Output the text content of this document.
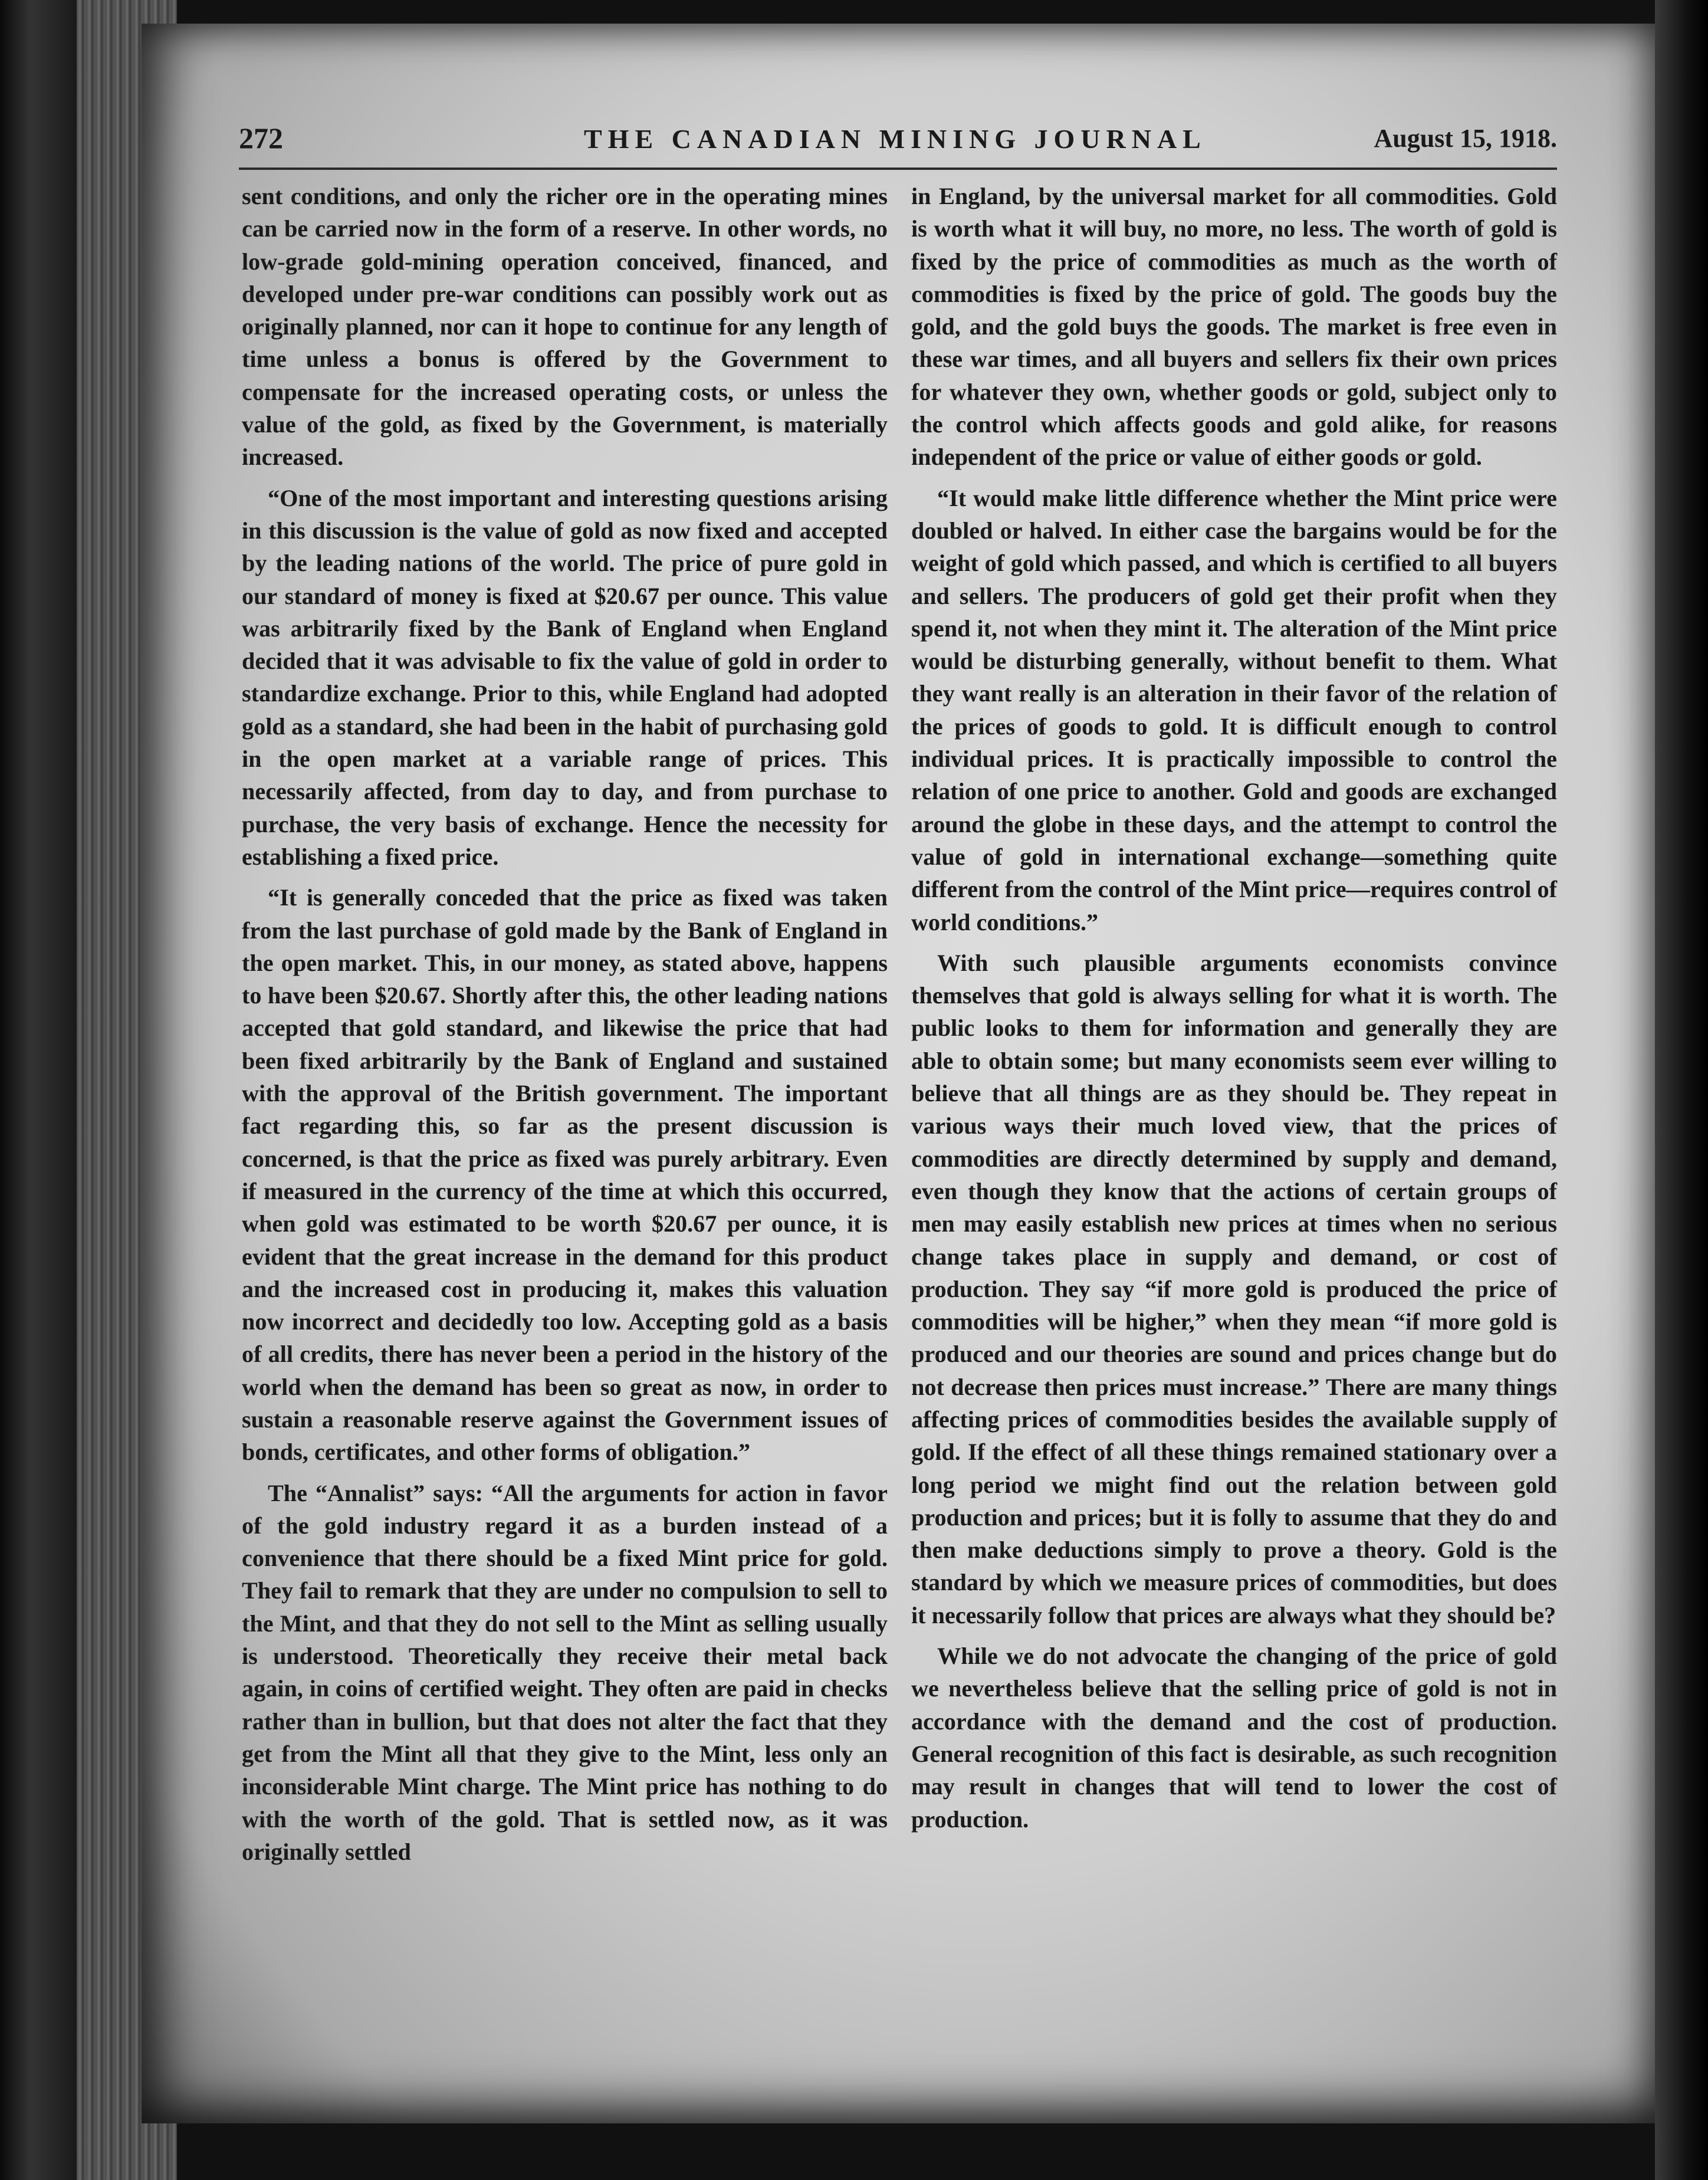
272	THE CANADIAN MINING JOURNAL	August 15, 1918.

sent conditions, and only the richer ore in the operating mines can be carried now in the form of a reserve. In other words, no low-grade gold-mining operation conceived, financed, and developed under pre-war conditions can possibly work out as originally planned, nor can it hope to continue for any length of time unless a bonus is offered by the Government to compensate for the increased operating costs, or unless the value of the gold, as fixed by the Government, is materially increased.

“One of the most important and interesting questions arising in this discussion is the value of gold as now fixed and accepted by the leading nations of the world. The price of pure gold in our standard of money is fixed at $20.67 per ounce. This value was arbitrarily fixed by the Bank of England when England decided that it was advisable to fix the value of gold in order to standardize exchange. Prior to this, while England had adopted gold as a standard, she had been in the habit of purchasing gold in the open market at a variable range of prices. This necessarily affected, from day to day, and from purchase to purchase, the very basis of exchange. Hence the necessity for establishing a fixed price.

“It is generally conceded that the price as fixed was taken from the last purchase of gold made by the Bank of England in the open market. This, in our money, as stated above, happens to have been $20.67. Shortly after this, the other leading nations accepted that gold standard, and likewise the price that had been fixed arbitrarily by the Bank of England and sustained with the approval of the British government. The important fact regarding this, so far as the present discussion is concerned, is that the price as fixed was purely arbitrary. Even if measured in the currency of the time at which this occurred, when gold was estimated to be worth $20.67 per ounce, it is evident that the great increase in the demand for this product and the increased cost in producing it, makes this valuation now incorrect and decidedly too low. Accepting gold as a basis of all credits, there has never been a period in the history of the world when the demand has been so great as now, in order to sustain a reasonable reserve against the Government issues of bonds, certificates, and other forms of obligation.”

The “Annalist” says: “All the arguments for action in favor of the gold industry regard it as a burden instead of a convenience that there should be a fixed Mint price for gold. They fail to remark that they are under no compulsion to sell to the Mint, and that they do not sell to the Mint as selling usually is understood. Theoretically they receive their metal back again, in coins of certified weight. They often are paid in checks rather than in bullion, but that does not alter the fact that they get from the Mint all that they give to the Mint, less only an inconsiderable Mint charge. The Mint price has nothing to do with the worth of the gold. That is settled now, as it was originally settled

in England, by the universal market for all commodities. Gold is worth what it will buy, no more, no less. The worth of gold is fixed by the price of commodities as much as the worth of commodities is fixed by the price of gold. The goods buy the gold, and the gold buys the goods. The market is free even in these war times, and all buyers and sellers fix their own prices for whatever they own, whether goods or gold, subject only to the control which affects goods and gold alike, for reasons independent of the price or value of either goods or gold.

“It would make little difference whether the Mint price were doubled or halved. In either case the bargains would be for the weight of gold which passed, and which is certified to all buyers and sellers. The producers of gold get their profit when they spend it, not when they mint it. The alteration of the Mint price would be disturbing generally, without benefit to them. What they want really is an alteration in their favor of the relation of the prices of goods to gold. It is difficult enough to control individual prices. It is practically impossible to control the relation of one price to another. Gold and goods are exchanged around the globe in these days, and the attempt to control the value of gold in international exchange—something quite different from the control of the Mint price—requires control of world conditions.”

With such plausible arguments economists convince themselves that gold is always selling for what it is worth. The public looks to them for information and generally they are able to obtain some; but many economists seem ever willing to believe that all things are as they should be. They repeat in various ways their much loved view, that the prices of commodities are directly determined by supply and demand, even though they know that the actions of certain groups of men may easily establish new prices at times when no serious change takes place in supply and demand, or cost of production. They say “if more gold is produced the price of commodities will be higher,” when they mean “if more gold is produced and our theories are sound and prices change but do not decrease then prices must increase.” There are many things affecting prices of commodities besides the available supply of gold. If the effect of all these things remained stationary over a long period we might find out the relation between gold production and prices; but it is folly to assume that they do and then make deductions simply to prove a theory. Gold is the standard by which we measure prices of commodities, but does it necessarily follow that prices are always what they should be?

While we do not advocate the changing of the price of gold we nevertheless believe that the selling price of gold is not in accordance with the demand and the cost of production. General recognition of this fact is desirable, as such recognition may result in changes that will tend to lower the cost of production.
